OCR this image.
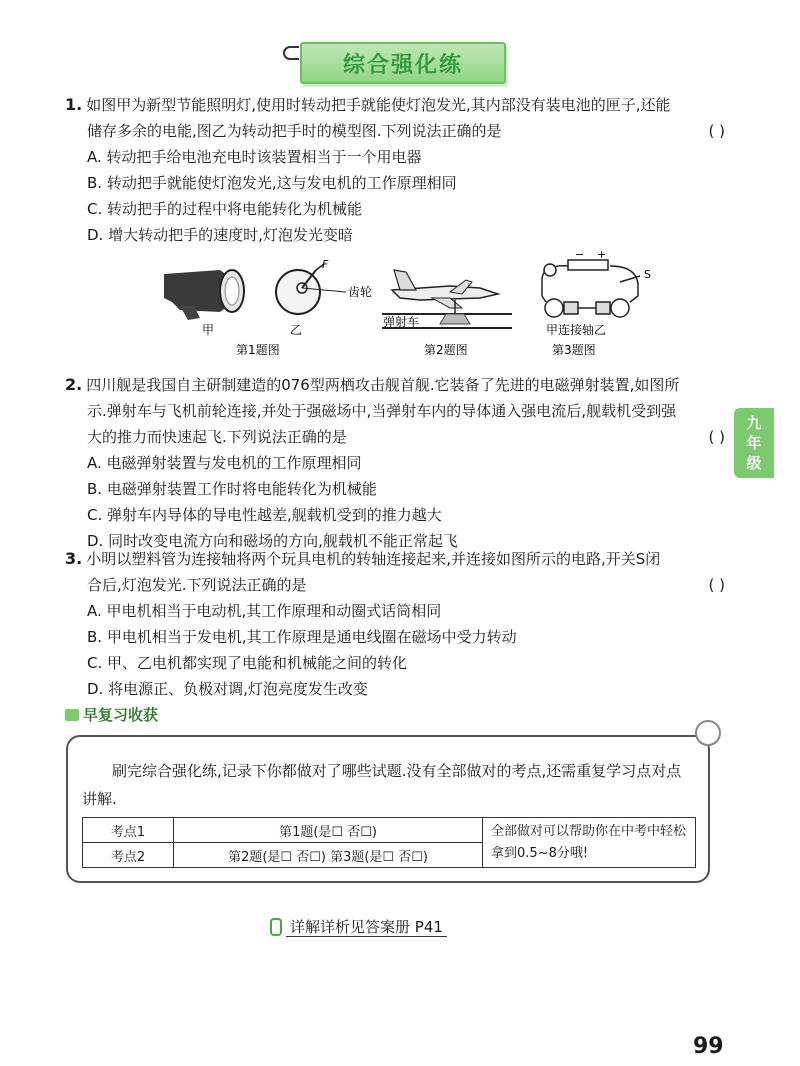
综合强化练
1. 如图甲为新型节能照明灯,使用时转动把手就能使灯泡发光,其内部没有装电池的匣子,还能
储存多余的电能,图乙为转动把手时的模型图.下列说法正确的是	( )
A. 转动把手给电池充电时该装置相当于一个用电器
B. 转动把手就能使灯泡发光,这与发电机的工作原理相同
C. 转动把手的过程中将电能转化为机械能
D. 增大转动把手的速度时,灯泡发光变暗
F
齿轮
甲	乙
第1题图
弹射车
第2题图
− +
S
甲连接轴乙
第3题图
2. 四川舰是我国自主研制建造的076型两栖攻击舰首舰.它装备了先进的电磁弹射装置,如图所
示.弹射车与飞机前轮连接,并处于强磁场中,当弹射车内的导体通入强电流后,舰载机受到强
大的推力而快速起飞.下列说法正确的是	( )
A. 电磁弹射装置与发电机的工作原理相同
B. 电磁弹射装置工作时将电能转化为机械能
C. 弹射车内导体的导电性越差,舰载机受到的推力越大
D. 同时改变电流方向和磁场的方向,舰载机不能正常起飞
3. 小明以塑料管为连接轴将两个玩具电机的转轴连接起来,并连接如图所示的电路,开关S闭
合后,灯泡发光.下列说法正确的是	( )
A. 甲电机相当于电动机,其工作原理和动圈式话筒相同
B. 甲电机相当于发电机,其工作原理是通电线圈在磁场中受力转动
C. 甲、乙电机都实现了电能和机械能之间的转化
D. 将电源正、负极对调,灯泡亮度发生改变
九
年
级
早复习收获
刷完综合强化练,记录下你都做对了哪些试题.没有全部做对的考点,还需重复学习点对点讲解.
考点1	第1题(是☐ 否☐)	全部做对可以帮助你在中考中轻松拿到0.5~8分哦!
考点2	第2题(是☐ 否☐) 第3题(是☐ 否☐)	
详解详析见答案册 P41
99
